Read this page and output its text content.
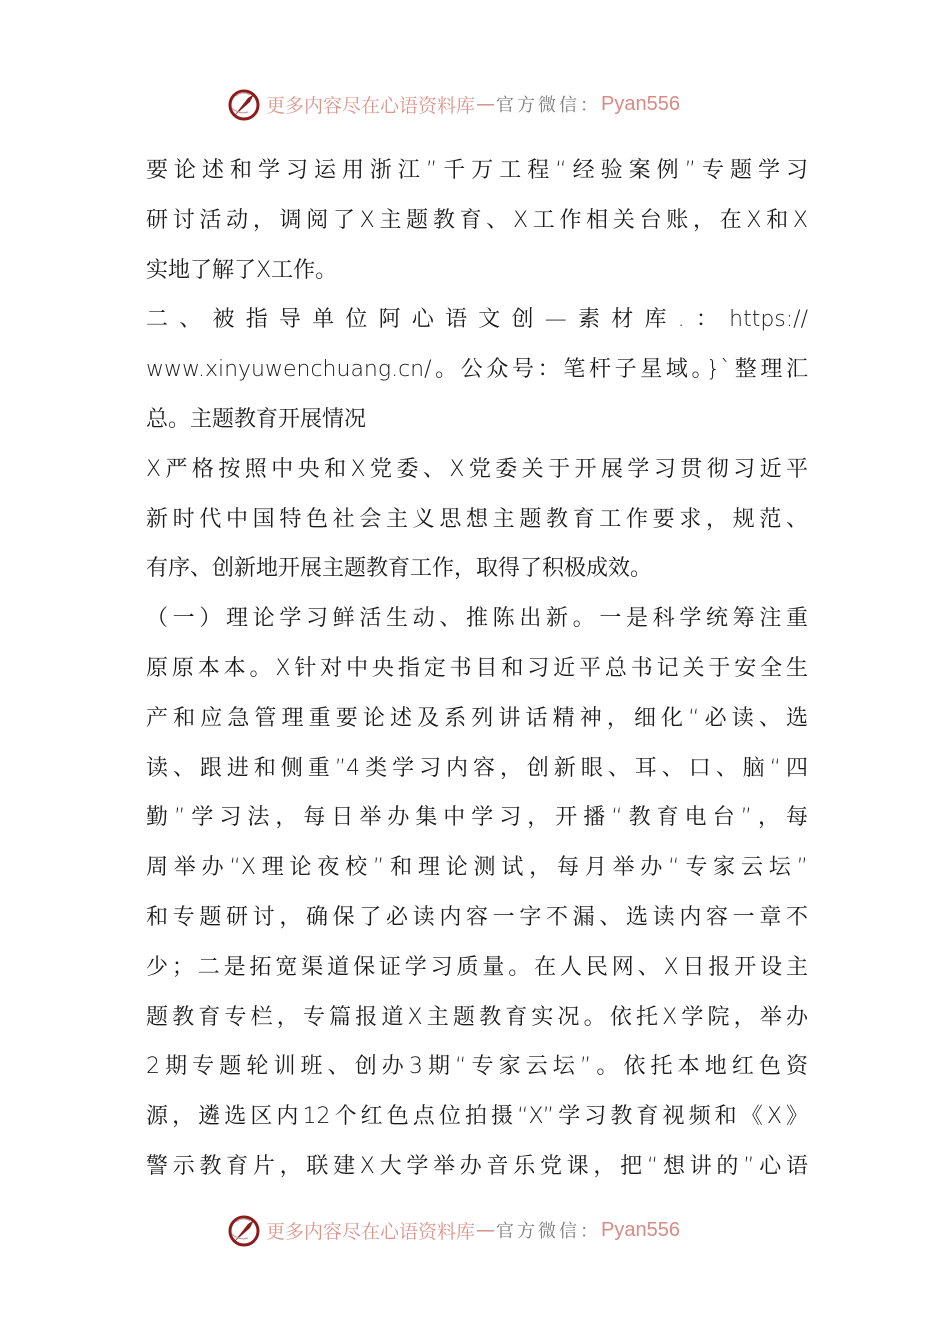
更多内容尽在心语资料库 — 官方微信： Pyan556
要论述和学习运用浙江”千万工程“经验案例”专题学习
研讨活动，调阅了X主题教育、X工作相关台账，在X和X
实地了解了X工作。
二、被指导单位阿心语文创—素材库.：https://
www.xinyuwenchuang.cn/。公众号：笔杆子星域。}`整理汇
总。主题教育开展情况
X严格按照中央和X党委、X党委关于开展学习贯彻习近平
新时代中国特色社会主义思想主题教育工作要求，规范、
有序、创新地开展主题教育工作，取得了积极成效。
（一）理论学习鲜活生动、推陈出新。一是科学统筹注重
原原本本。X针对中央指定书目和习近平总书记关于安全生
产和应急管理重要论述及系列讲话精神，细化“必读、选
读、跟进和侧重”4类学习内容，创新眼、耳、口、脑“四
勤”学习法，每日举办集中学习，开播“教育电台”，每
周举办“X理论夜校”和理论测试，每月举办“专家云坛”
和专题研讨，确保了必读内容一字不漏、选读内容一章不
少；二是拓宽渠道保证学习质量。在人民网、X日报开设主
题教育专栏，专篇报道X主题教育实况。依托X学院，举办
2期专题轮训班、创办3期“专家云坛”。依托本地红色资
源，遴选区内12个红色点位拍摄“X”学习教育视频和《X》
警示教育片，联建X大学举办音乐党课，把“想讲的”心语
更多内容尽在心语资料库 — 官方微信： Pyan556
